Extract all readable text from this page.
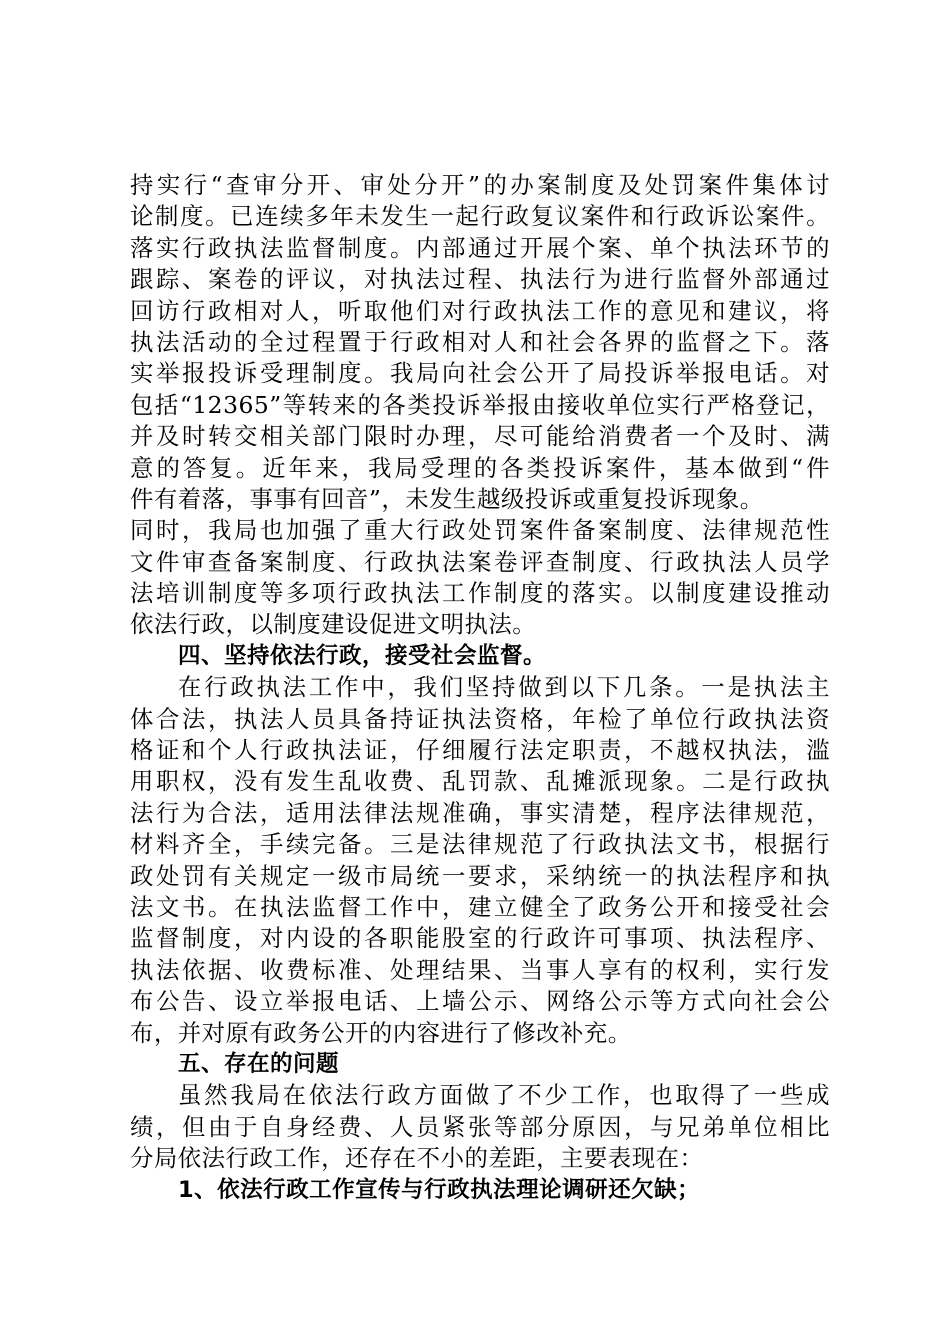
持实行“查审分开、审处分开”的办案制度及处罚案件集体讨
论制度。已连续多年未发生一起行政复议案件和行政诉讼案件。
落实行政执法监督制度。内部通过开展个案、单个执法环节的
跟踪、案卷的评议，对执法过程、执法行为进行监督外部通过
回访行政相对人，听取他们对行政执法工作的意见和建议，将
执法活动的全过程置于行政相对人和社会各界的监督之下。落
实举报投诉受理制度。我局向社会公开了局投诉举报电话。对
包括“12365”等转来的各类投诉举报由接收单位实行严格登记，
并及时转交相关部门限时办理，尽可能给消费者一个及时、满
意的答复。近年来，我局受理的各类投诉案件，基本做到“件
件有着落，事事有回音”，未发生越级投诉或重复投诉现象。
同时，我局也加强了重大行政处罚案件备案制度、法律规范性
文件审查备案制度、行政执法案卷评查制度、行政执法人员学
法培训制度等多项行政执法工作制度的落实。以制度建设推动
依法行政，以制度建设促进文明执法。
四、坚持依法行政，接受社会监督。
在行政执法工作中，我们坚持做到以下几条。一是执法主
体合法，执法人员具备持证执法资格，年检了单位行政执法资
格证和个人行政执法证，仔细履行法定职责，不越权执法，滥
用职权，没有发生乱收费、乱罚款、乱摊派现象。二是行政执
法行为合法，适用法律法规准确，事实清楚，程序法律规范，
材料齐全，手续完备。三是法律规范了行政执法文书，根据行
政处罚有关规定一级市局统一要求，采纳统一的执法程序和执
法文书。在执法监督工作中，建立健全了政务公开和接受社会
监督制度，对内设的各职能股室的行政许可事项、执法程序、
执法依据、收费标准、处理结果、当事人享有的权利，实行发
布公告、设立举报电话、上墙公示、网络公示等方式向社会公
布，并对原有政务公开的内容进行了修改补充。
五、存在的问题
虽然我局在依法行政方面做了不少工作，也取得了一些成
绩，但由于自身经费、人员紧张等部分原因，与兄弟单位相比
分局依法行政工作，还存在不小的差距，主要表现在：
1、依法行政工作宣传与行政执法理论调研还欠缺；
